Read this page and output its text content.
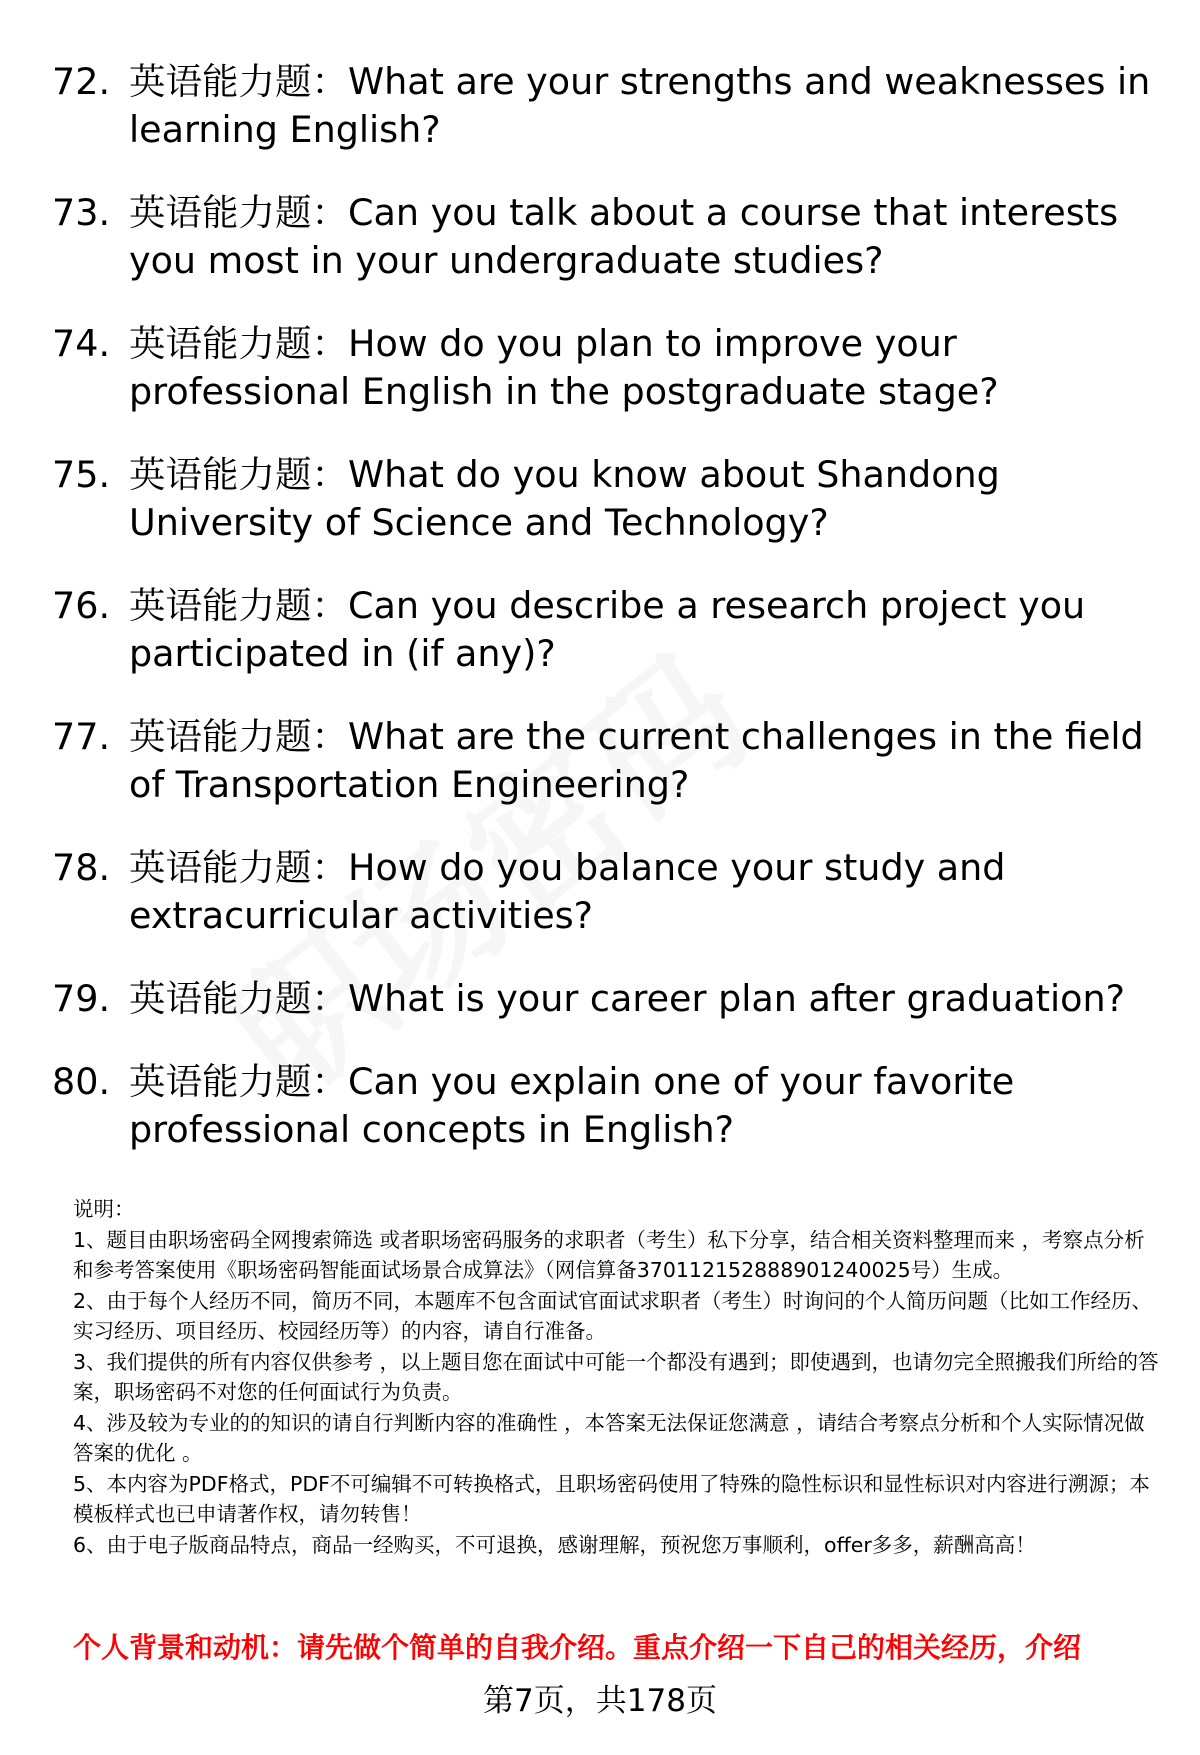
72. 英语能力题：What are your strengths and weaknesses in learning English?
73. 英语能力题：Can you talk about a course that interests you most in your undergraduate studies?
74. 英语能力题：How do you plan to improve your professional English in the postgraduate stage?
75. 英语能力题：What do you know about Shandong University of Science and Technology?
76. 英语能力题：Can you describe a research project you participated in (if any)?
77. 英语能力题：What are the current challenges in the field of Transportation Engineering?
78. 英语能力题：How do you balance your study and extracurricular activities?
79. 英语能力题：What is your career plan after graduation?
80. 英语能力题：Can you explain one of your favorite professional concepts in English?

说明：

1、题目由职场密码全网搜索筛选 或者职场密码服务的求职者（考生）私下分享，结合相关资料整理而来 ，考察点分析和参考答案使用《职场密码智能面试场景合成算法》（网信算备370112152888901240025号）生成。

2、由于每个人经历不同，简历不同，本题库不包含面试官面试求职者（考生）时询问的个人简历问题（比如工作经历、实习经历、项目经历、校园经历等）的内容，请自行准备。

3、我们提供的所有内容仅供参考 ，以上题目您在面试中可能一个都没有遇到；即使遇到，也请勿完全照搬我们所给的答案，职场密码不对您的任何面试行为负责。

4、涉及较为专业的的知识的请自行判断内容的准确性 ，本答案无法保证您满意 ，请结合考察点分析和个人实际情况做答案的优化 。

5、本内容为PDF格式，PDF不可编辑不可转换格式，且职场密码使用了特殊的隐性标识和显性标识对内容进行溯源；本模板样式也已申请著作权，请勿转售！

6、由于电子版商品特点，商品一经购买，不可退换，感谢理解，预祝您万事顺利，offer多多，薪酬高高！

个人背景和动机：请先做个简单的自我介绍。重点介绍一下自己的相关经历，介绍
第7页，共178页
